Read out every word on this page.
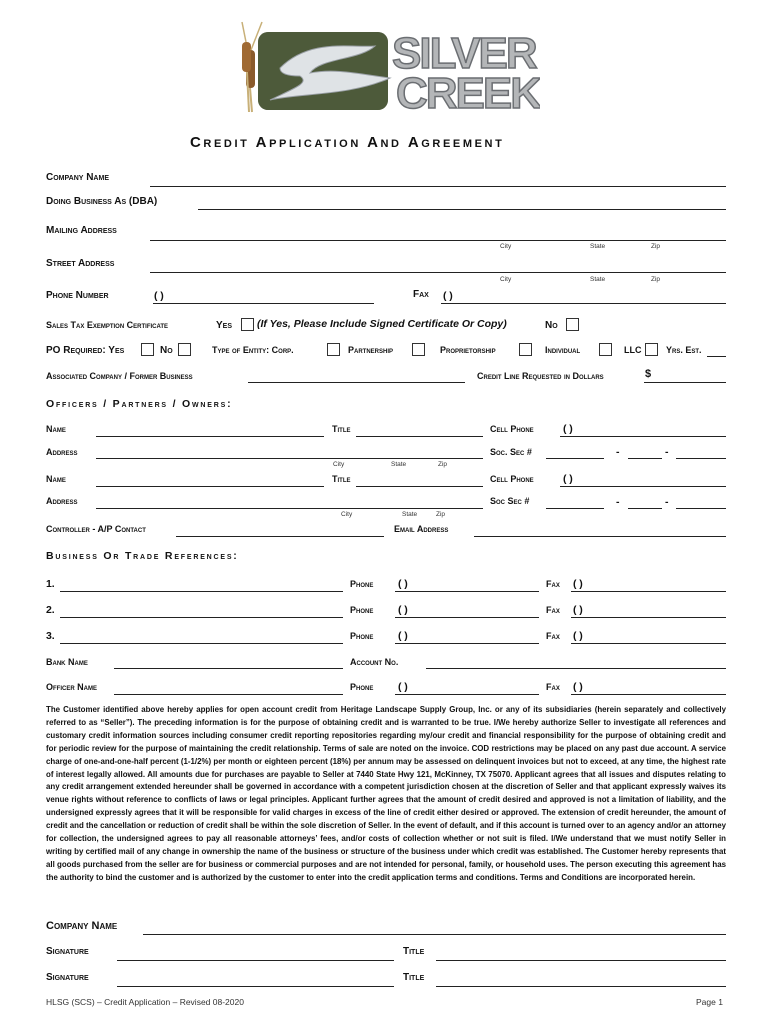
SILVER
CREEK
Credit Application And Agreement
Company Name
Doing Business As (DBA)
Mailing Address
City	State	Zip
Street Address
City	State	Zip
Phone Number	( )	Fax ( )
Sales Tax Exemption Certificate	Yes (If Yes, Please Include Signed Certificate Or Copy)	No
PO Required: Yes	No	Type of Entity: Corp.	Partnership	Proprietorship	Individual	LLC	Yrs. Est.
Associated Company / Former Business	Credit Line Requested in Dollars	$
Officers / Partners / Owners:
Name	Title	Cell Phone	( )
Address
City	State	Zip
Soc. Sec #	-	-
Name	Title	Cell Phone	( )
Address
City	State	Zip
Soc Sec #	-	-
Controller - A/P Contact	Email Address
Business Or Trade References:
1.	Phone ( )	Fax ( )
2.	Phone ( )	Fax ( )
3.	Phone ( )	Fax ( )
Bank Name	Account No.
Officer Name	Phone ( )	Fax ( )
The Customer identified above hereby applies for open account credit from Heritage Landscape Supply Group, Inc. or any of its subsidiaries (herein separately and collectively referred to as “Seller”). The preceding information is for the purpose of obtaining credit and is warranted to be true. I/We hereby authorize Seller to investigate all references and customary credit information sources including consumer credit reporting repositories regarding my/our credit and financial responsibility for the purpose of obtaining credit and for periodic review for the purpose of maintaining the credit relationship. Terms of sale are noted on the invoice. COD restrictions may be placed on any past due account. A service charge of one-and-one-half percent (1-1/2%) per month or eighteen percent (18%) per annum may be assessed on delinquent invoices but not to exceed, at any time, the highest rate of interest legally allowed. All amounts due for purchases are payable to Seller at 7440 State Hwy 121, McKinney, TX 75070. Applicant agrees that all issues and disputes relating to any credit arrangement extended hereunder shall be governed in accordance with a competent jurisdiction chosen at the discretion of Seller and that applicant expressly waives its venue rights without reference to conflicts of laws or legal principles. Applicant further agrees that the amount of credit desired and approved is not a limitation of liability, and the undersigned expressly agrees that it will be responsible for valid charges in excess of the line of credit either desired or approved. The extension of credit hereunder, the amount of credit and the cancellation or reduction of credit shall be within the sole discretion of Seller. In the event of default, and if this account is turned over to an agency and/or an attorney for collection, the undersigned agrees to pay all reasonable attorneys’ fees, and/or costs of collection whether or not suit is filed. I/We understand that we must notify Seller in writing by certified mail of any change in ownership the name of the business or structure of the business under which credit was established. The Customer hereby represents that all goods purchased from the seller are for business or commercial purposes and are not intended for personal, family, or household uses. The person executing this agreement has the authority to bind the customer and is authorized by the customer to enter into the credit application terms and conditions. Terms and Conditions are incorporated herein.
Company Name
Signature	Title
Signature	Title
HLSG (SCS) – Credit Application – Revised 08-2020	Page 1
